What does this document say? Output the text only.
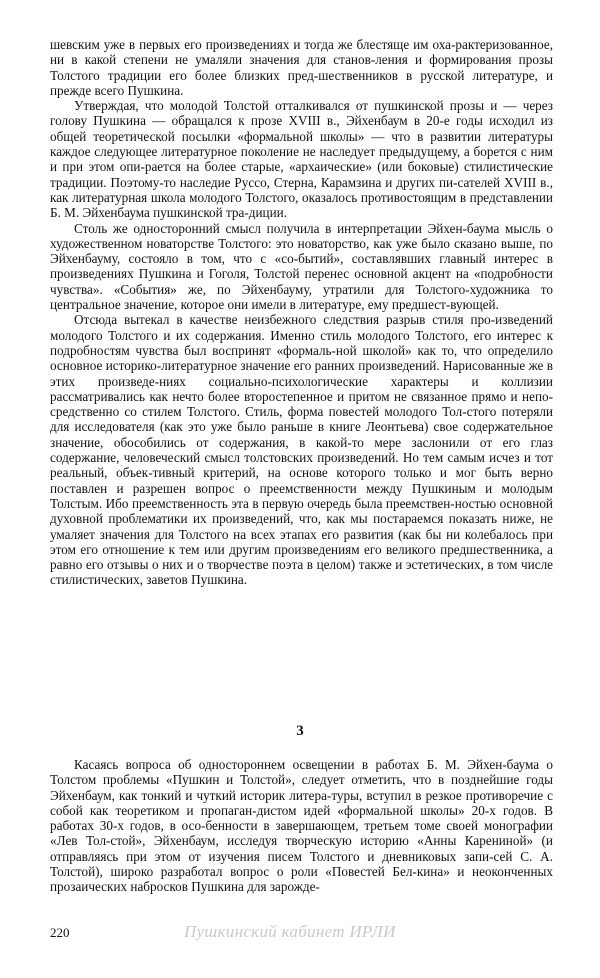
шевским уже в первых его произведениях и тогда же блестяще им оха-рактеризованное, ни в какой степени не умаляли значения для станов-ления и формирования прозы Толстого традиции его более близких пред-шественников в русской литературе, и прежде всего Пушкина.

Утверждая, что молодой Толстой отталкивался от пушкинской прозы и — через голову Пушкина — обращался к прозе XVIII в., Эйхенбаум в 20-е годы исходил из общей теоретической посылки «формальной школы» — что в развитии литературы каждое следующее литературное поколение не наследует предыдущему, а борется с ним и при этом опи-рается на более старые, «архаические» (или боковые) стилистические традиции. Поэтому-то наследие Руссо, Стерна, Карамзина и других пи-сателей XVIII в., как литературная школа молодого Толстого, оказалось противостоящим в представлении Б. М. Эйхенбаума пушкинской тра-диции.

Столь же односторонний смысл получила в интерпретации Эйхен-баума мысль о художественном новаторстве Толстого: это новаторство, как уже было сказано выше, по Эйхенбауму, состояло в том, что с «со-бытий», составлявших главный интерес в произведениях Пушкина и Гоголя, Толстой перенес основной акцент на «подробности чувства». «События» же, по Эйхенбауму, утратили для Толстого-художника то центральное значение, которое они имели в литературе, ему предшест-вующей.

Отсюда вытекал в качестве неизбежного следствия разрыв стиля про-изведений молодого Толстого и их содержания. Именно стиль молодого Толстого, его интерес к подробностям чувства был воспринят «формаль-ной школой» как то, что определило основное историко-литературное значение его ранних произведений. Нарисованные же в этих произведе-ниях социально-психологические характеры и коллизии рассматривались как нечто более второстепенное и притом не связанное прямо и непо-средственно со стилем Толстого. Стиль, форма повестей молодого Тол-стого потеряли для исследователя (как это уже было раньше в книге Леонтьева) свое содержательное значение, обособились от содержания, в какой-то мере заслонили от его глаз содержание, человеческий смысл толстовских произведений. Но тем самым исчез и тот реальный, объек-тивный критерий, на основе которого только и мог быть верно поставлен и разрешен вопрос о преемственности между Пушкиным и молодым Толстым. Ибо преемственность эта в первую очередь была преемствен-ностью основной духовной проблематики их произведений, что, как мы постараемся показать ниже, не умаляет значения для Толстого на всех этапах его развития (как бы ни колебалось при этом его отношение к тем или другим произведениям его великого предшественника, а равно его отзывы о них и о творчестве поэта в целом) также и эстетических, в том числе стилистических, заветов Пушкина.

3

Касаясь вопроса об одностороннем освещении в работах Б. М. Эйхен-баума о Толстом проблемы «Пушкин и Толстой», следует отметить, что в позднейшие годы Эйхенбаум, как тонкий и чуткий историк литера-туры, вступил в резкое противоречие с собой как теоретиком и пропаган-дистом идей «формальной школы» 20-х годов. В работах 30-х годов, в осо-бенности в завершающем, третьем томе своей монографии «Лев Тол-стой», Эйхенбаум, исследуя творческую историю «Анны Карениной» (и отправляясь при этом от изучения писем Толстого и дневниковых запи-сей С. А. Толстой), широко разработал вопрос о роли «Повестей Бел-кина» и неоконченных прозаических набросков Пушкина для зарожде-

220	Пушкинский кабинет ИРЛИ
